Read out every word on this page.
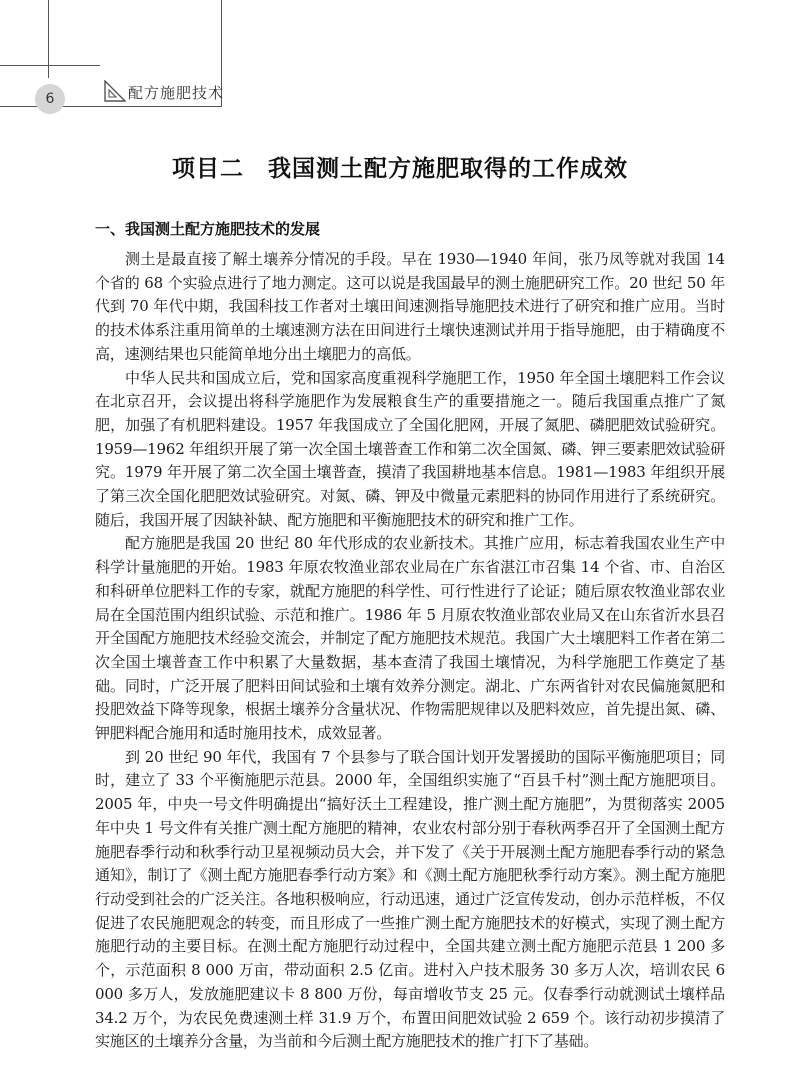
6	配方施肥技术
项目二　我国测土配方施肥取得的工作成效
一、我国测土配方施肥技术的发展

测土是最直接了解土壤养分情况的手段。早在 1930—1940 年间，张乃凤等就对我国 14 个省的 68 个实验点进行了地力测定。这可以说是我国最早的测土施肥研究工作。20 世纪 50 年代到 70 年代中期，我国科技工作者对土壤田间速测指导施肥技术进行了研究和推广应用。当时的技术体系注重用简单的土壤速测方法在田间进行土壤快速测试并用于指导施肥，由于精确度不高，速测结果也只能简单地分出土壤肥力的高低。

中华人民共和国成立后，党和国家高度重视科学施肥工作，1950 年全国土壤肥料工作会议在北京召开，会议提出将科学施肥作为发展粮食生产的重要措施之一。随后我国重点推广了氮肥，加强了有机肥料建设。1957 年我国成立了全国化肥网，开展了氮肥、磷肥肥效试验研究。1959—1962 年组织开展了第一次全国土壤普查工作和第二次全国氮、磷、钾三要素肥效试验研究。1979 年开展了第二次全国土壤普查，摸清了我国耕地基本信息。1981—1983 年组织开展了第三次全国化肥肥效试验研究。对氮、磷、钾及中微量元素肥料的协同作用进行了系统研究。随后，我国开展了因缺补缺、配方施肥和平衡施肥技术的研究和推广工作。

配方施肥是我国 20 世纪 80 年代形成的农业新技术。其推广应用，标志着我国农业生产中科学计量施肥的开始。1983 年原农牧渔业部农业局在广东省湛江市召集 14 个省、市、自治区和科研单位肥料工作的专家，就配方施肥的科学性、可行性进行了论证；随后原农牧渔业部农业局在全国范围内组织试验、示范和推广。1986 年 5 月原农牧渔业部农业局又在山东省沂水县召开全国配方施肥技术经验交流会，并制定了配方施肥技术规范。我国广大土壤肥料工作者在第二次全国土壤普查工作中积累了大量数据，基本查清了我国土壤情况，为科学施肥工作奠定了基础。同时，广泛开展了肥料田间试验和土壤有效养分测定。湖北、广东两省针对农民偏施氮肥和投肥效益下降等现象，根据土壤养分含量状况、作物需肥规律以及肥料效应，首先提出氮、磷、钾肥料配合施用和适时施用技术，成效显著。

到 20 世纪 90 年代，我国有 7 个县参与了联合国计划开发署援助的国际平衡施肥项目；同时，建立了 33 个平衡施肥示范县。2000 年，全国组织实施了“百县千村”测土配方施肥项目。2005 年，中央一号文件明确提出“搞好沃土工程建设，推广测土配方施肥”，为贯彻落实 2005 年中央 1 号文件有关推广测土配方施肥的精神，农业农村部分别于春秋两季召开了全国测土配方施肥春季行动和秋季行动卫星视频动员大会，并下发了《关于开展测土配方施肥春季行动的紧急通知》，制订了《测土配方施肥春季行动方案》和《测土配方施肥秋季行动方案》。测土配方施肥行动受到社会的广泛关注。各地积极响应，行动迅速，通过广泛宣传发动，创办示范样板，不仅促进了农民施肥观念的转变，而且形成了一些推广测土配方施肥技术的好模式，实现了测土配方施肥行动的主要目标。在测土配方施肥行动过程中，全国共建立测土配方施肥示范县 1 200 多个，示范面积 8 000 万亩，带动面积 2.5 亿亩。进村入户技术服务 30 多万人次，培训农民 6 000 多万人，发放施肥建议卡 8 800 万份，每亩增收节支 25 元。仅春季行动就测试土壤样品 34.2 万个，为农民免费速测土样 31.9 万个，布置田间肥效试验 2 659 个。该行动初步摸清了实施区的土壤养分含量，为当前和今后测土配方施肥技术的推广打下了基础。
